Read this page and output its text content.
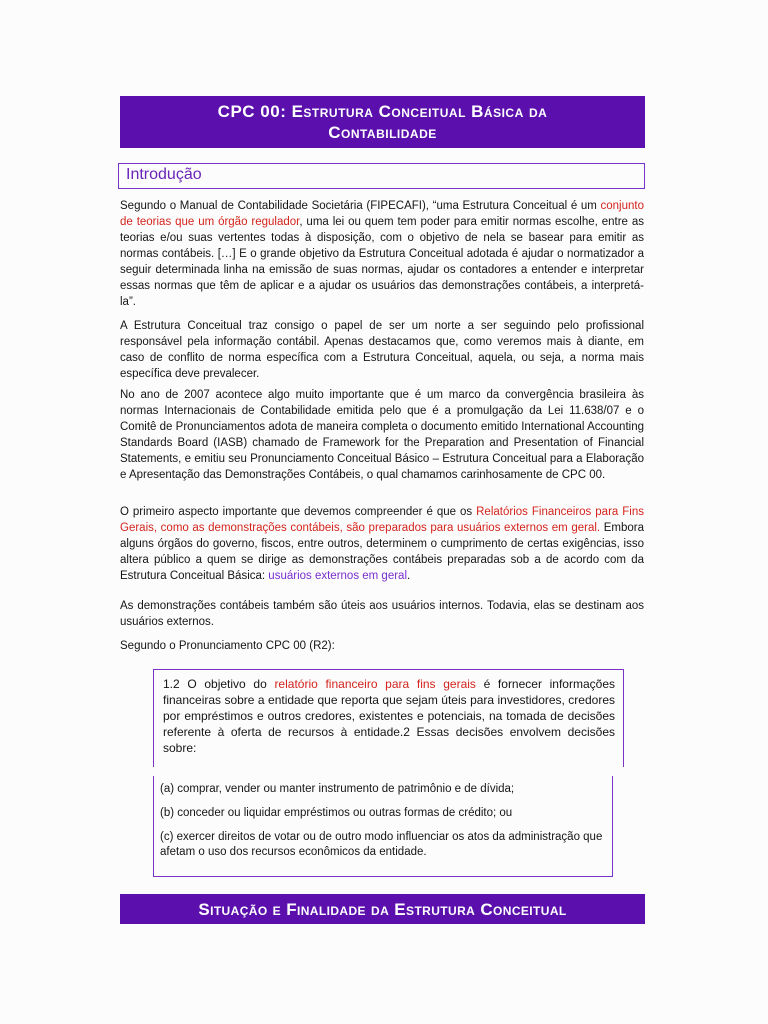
CPC 00: Estrutura Conceitual Básica da
Contabilidade
Introdução

Segundo o Manual de Contabilidade Societária (FIPECAFI), “uma Estrutura Conceitual é um conjunto de teorias que um órgão regulador, uma lei ou quem tem poder para emitir normas escolhe, entre as teorias e/ou suas vertentes todas à disposição, com o objetivo de nela se basear para emitir as normas contábeis. […] E o grande objetivo da Estrutura Conceitual adotada é ajudar o normatizador a seguir determinada linha na emissão de suas normas, ajudar os contadores a entender e interpretar essas normas que têm de aplicar e a ajudar os usuários das demonstrações contábeis, a interpretá-la”.

A Estrutura Conceitual traz consigo o papel de ser um norte a ser seguindo pelo profissional responsável pela informação contábil. Apenas destacamos que, como veremos mais à diante, em caso de conflito de norma específica com a Estrutura Conceitual, aquela, ou seja, a norma mais específica deve prevalecer.

No ano de 2007 acontece algo muito importante que é um marco da convergência brasileira às normas Internacionais de Contabilidade emitida pelo que é a promulgação da Lei 11.638/07 e o Comitê de Pronunciamentos adota de maneira completa o documento emitido International Accounting Standards Board (IASB) chamado de Framework for the Preparation and Presentation of Financial Statements, e emitiu seu Pronunciamento Conceitual Básico – Estrutura Conceitual para a Elaboração e Apresentação das Demonstrações Contábeis, o qual chamamos carinhosamente de CPC 00.

O primeiro aspecto importante que devemos compreender é que os Relatórios Financeiros para Fins Gerais, como as demonstrações contábeis, são preparados para usuários externos em geral. Embora alguns órgãos do governo, fiscos, entre outros, determinem o cumprimento de certas exigências, isso altera público a quem se dirige as demonstrações contábeis preparadas sob a de acordo com da Estrutura Conceitual Básica: usuários externos em geral.

As demonstrações contábeis também são úteis aos usuários internos. Todavia, elas se destinam aos usuários externos.

Segundo o Pronunciamento CPC 00 (R2):

1.2 O objetivo do relatório financeiro para fins gerais é fornecer informações financeiras sobre a entidade que reporta que sejam úteis para investidores, credores por empréstimos e outros credores, existentes e potenciais, na tomada de decisões referente à oferta de recursos à entidade.2 Essas decisões envolvem decisões sobre:
(a) comprar, vender ou manter instrumento de patrimônio e de dívida;
(b) conceder ou liquidar empréstimos ou outras formas de crédito; ou
(c) exercer direitos de votar ou de outro modo influenciar os atos da administração que afetam o uso dos recursos econômicos da entidade.
Situação e Finalidade da Estrutura Conceitual
